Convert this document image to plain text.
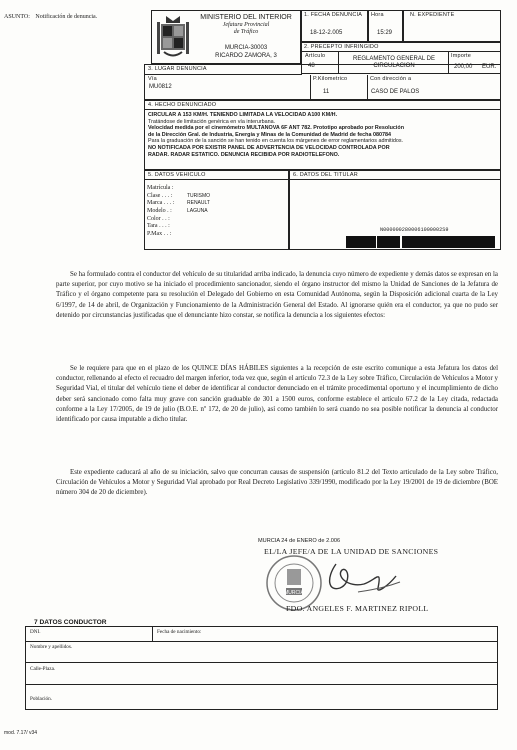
ASUNTO: Notificación de denuncia.	MINISTERIO DEL INTERIOR
Jefatura Provincial
de Tráfico
MURCIA-30003
RICARDO ZAMORA, 3
1. FECHA DENUNCIA
18-12-2.005
Hora
15:29
N. EXPEDIENTE
2. PRECEPTO INFRINGIDO
Artículo
48
REGLAMENTO GENERAL DE CIRCULACION
Importe
200,00 EUR.
3. LUGAR DENUNCIA
Vía
MU0812
P.Kilometrico
11
Con dirección a
CASO DE PALOS
4. HECHO DENUNCIADO
CIRCULAR A 153 KM/H. TENIENDO LIMITADA LA VELOCIDAD A100 KM/H.
Tratándose de limitación genérica en vía interurbana.
Velocidad medida por el cinemómetro MULTANOVA 6F ANT 782. Prototipo aprobado por Resolución
de la Dirección Gral. de Industria, Energía y Minas de la Comunidad de Madrid de fecha 080784
Para la graduación de la sanción se han tenido en cuenta los márgenes de error reglamentarios admitidos.
NO NOTIFICADA POR EXISTIR PANEL DE ADVERTENCIA DE VELOCIDAD CONTROLADA POR
RADAR. RADAR ESTATICO. DENUNCIA RECIBIDA POR RADIOTELEFONO.
5. DATOS VEHICULO
Matrícula :
Clase . . . :	TURISMO
Marca . . . :	RENAULT
Modelo . :	LAGUNA
Color . . :
Tara . . . :
P.Max . . :
6. DATOS DEL TITULAR
N0000002800061000002S9
Se ha formulado contra el conductor del vehículo de su titularidad arriba indicado, la denuncia cuyo número de expediente y demás datos se expresan en la parte superior, por cuyo motivo se ha iniciado el procedimiento sancionador, siendo el órgano instructor del mismo la Unidad de Sanciones de la Jefatura de Tráfico y el órgano competente para su resolución el Delegado del Gobierno en esta Comunidad Autónoma, según la Disposición adicional cuarta de la Ley 6/1997, de 14 de abril, de Organización y Funcionamiento de la Administración General del Estado. Al ignorarse quién era el conductor, ya que no pudo ser detenido por circunstancias justificadas que el denunciante hizo constar, se notifica la denuncia a los siguientes efectos:
Se le requiere para que en el plazo de los QUINCE DÍAS HÁBILES siguientes a la recepción de este escrito comunique a esta Jefatura los datos del conductor, rellenando al efecto el recuadro del margen inferior, toda vez que, según el artículo 72.3 de la Ley sobre Tráfico, Circulación de Vehículos a Motor y Seguridad Vial, el titular del vehículo tiene el deber de identificar al conductor denunciado en el trámite procedimental oportuno y el incumplimiento de dicho deber será sancionado como falta muy grave con sanción graduable de 301 a 1500 euros, conforme establece el artículo 67.2 de la Ley citada, redactada conforme a la Ley 17/2005, de 19 de julio (B.O.E. nº 172, de 20 de julio), así como también lo será cuando no sea posible notificar la denuncia al conductor identificado por causa imputable a dicho titular.
Este expediente caducará al año de su iniciación, salvo que concurran causas de suspensión (artículo 81.2 del Texto articulado de la Ley sobre Tráfico, Circulación de Vehículos a Motor y Seguridad Vial aprobado por Real Decreto Legislativo 339/1990, modificado por la Ley 19/2001 de 19 de diciembre (BOE número 304 de 20 de diciembre).
MURCIA 24 de ENERO de 2.006
EL/LA JEFE/A DE LA UNIDAD DE SANCIONES
MURCIA
FDO. ANGELES F. MARTINEZ RIPOLL
7 DATOS CONDUCTOR
DNI.	Fecha de nacimiento:
Nombre y apellidos.
Calle-Plaza.
Población.
mod. 7.17/ v34
